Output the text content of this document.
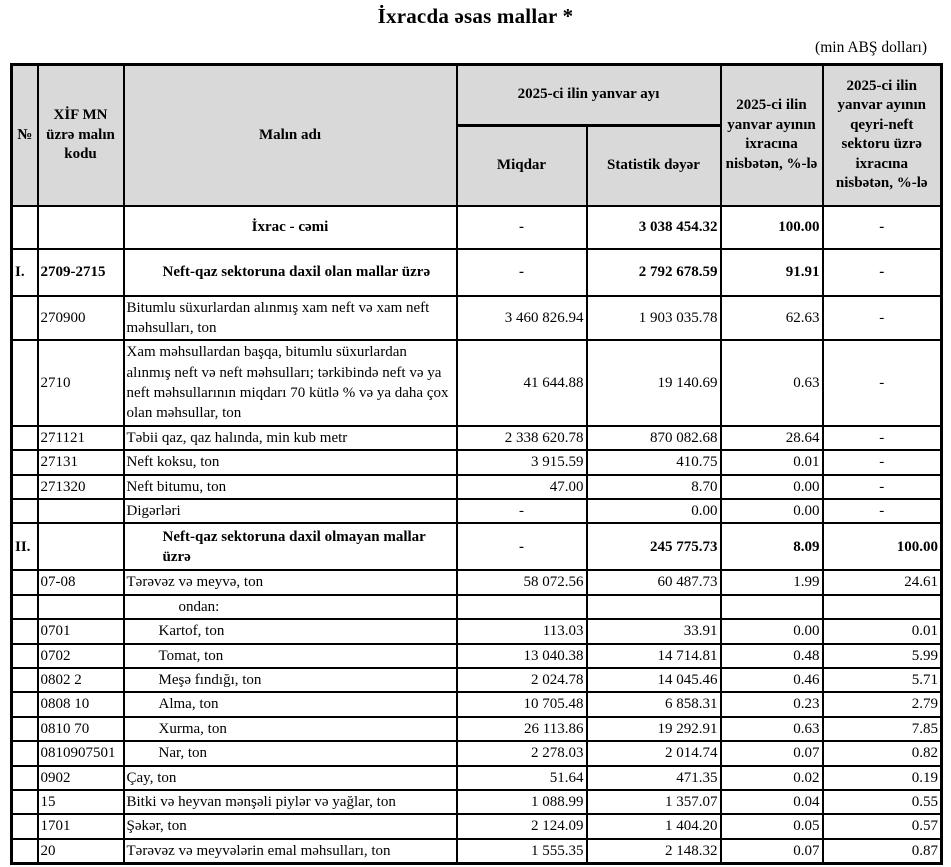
İxracda əsas mallar *
(min ABŞ dolları)
№	XİF MN üzrə malın kodu	Malın adı	2025-ci ilin yanvar ayı		2025-ci ilin yanvar ayının ixracına nisbətən, %-lə	2025-ci ilin yanvar ayının qeyri-neft sektoru üzrə ixracına nisbətən, %-lə
			Miqdar	Statistik dəyər		
		İxrac - cəmi	-	3 038 454.32	100.00	-
I.	2709-2715	Neft-qaz sektoruna daxil olan mallar üzrə	-	2 792 678.59	91.91	-
	270900	Bitumlu süxurlardan alınmış xam neft və xam neft məhsulları, ton	3 460 826.94	1 903 035.78	62.63	-
	2710	Xam məhsullardan başqa, bitumlu süxurlardan alınmış neft və neft məhsulları; tərkibində neft və ya neft məhsullarının miqdarı 70 kütlə % və ya daha çox olan məhsullar, ton	41 644.88	19 140.69	0.63	-
	271121	Təbii qaz, qaz halında, min kub metr	2 338 620.78	870 082.68	28.64	-
	27131	Neft koksu, ton	3 915.59	410.75	0.01	-
	271320	Neft bitumu, ton	47.00	8.70	0.00	-
		Digərləri	-	0.00	0.00	-
II.		Neft-qaz sektoruna daxil olmayan mallar üzrə	-	245 775.73	8.09	100.00
	07-08	Tərəvəz və meyvə, ton	58 072.56	60 487.73	1.99	24.61
		ondan:				
	0701	Kartof, ton	113.03	33.91	0.00	0.01
	0702	Tomat, ton	13 040.38	14 714.81	0.48	5.99
	0802 2	Meşə fındığı, ton	2 024.78	14 045.46	0.46	5.71
	0808 10	Alma, ton	10 705.48	6 858.31	0.23	2.79
	0810 70	Xurma, ton	26 113.86	19 292.91	0.63	7.85
	0810907501	Nar, ton	2 278.03	2 014.74	0.07	0.82
	0902	Çay, ton	51.64	471.35	0.02	0.19
	15	Bitki və heyvan mənşəli piylər və yağlar, ton	1 088.99	1 357.07	0.04	0.55
	1701	Şəkər, ton	2 124.09	1 404.20	0.05	0.57
	20	Tərəvəz və meyvələrin emal məhsulları, ton	1 555.35	2 148.32	0.07	0.87
